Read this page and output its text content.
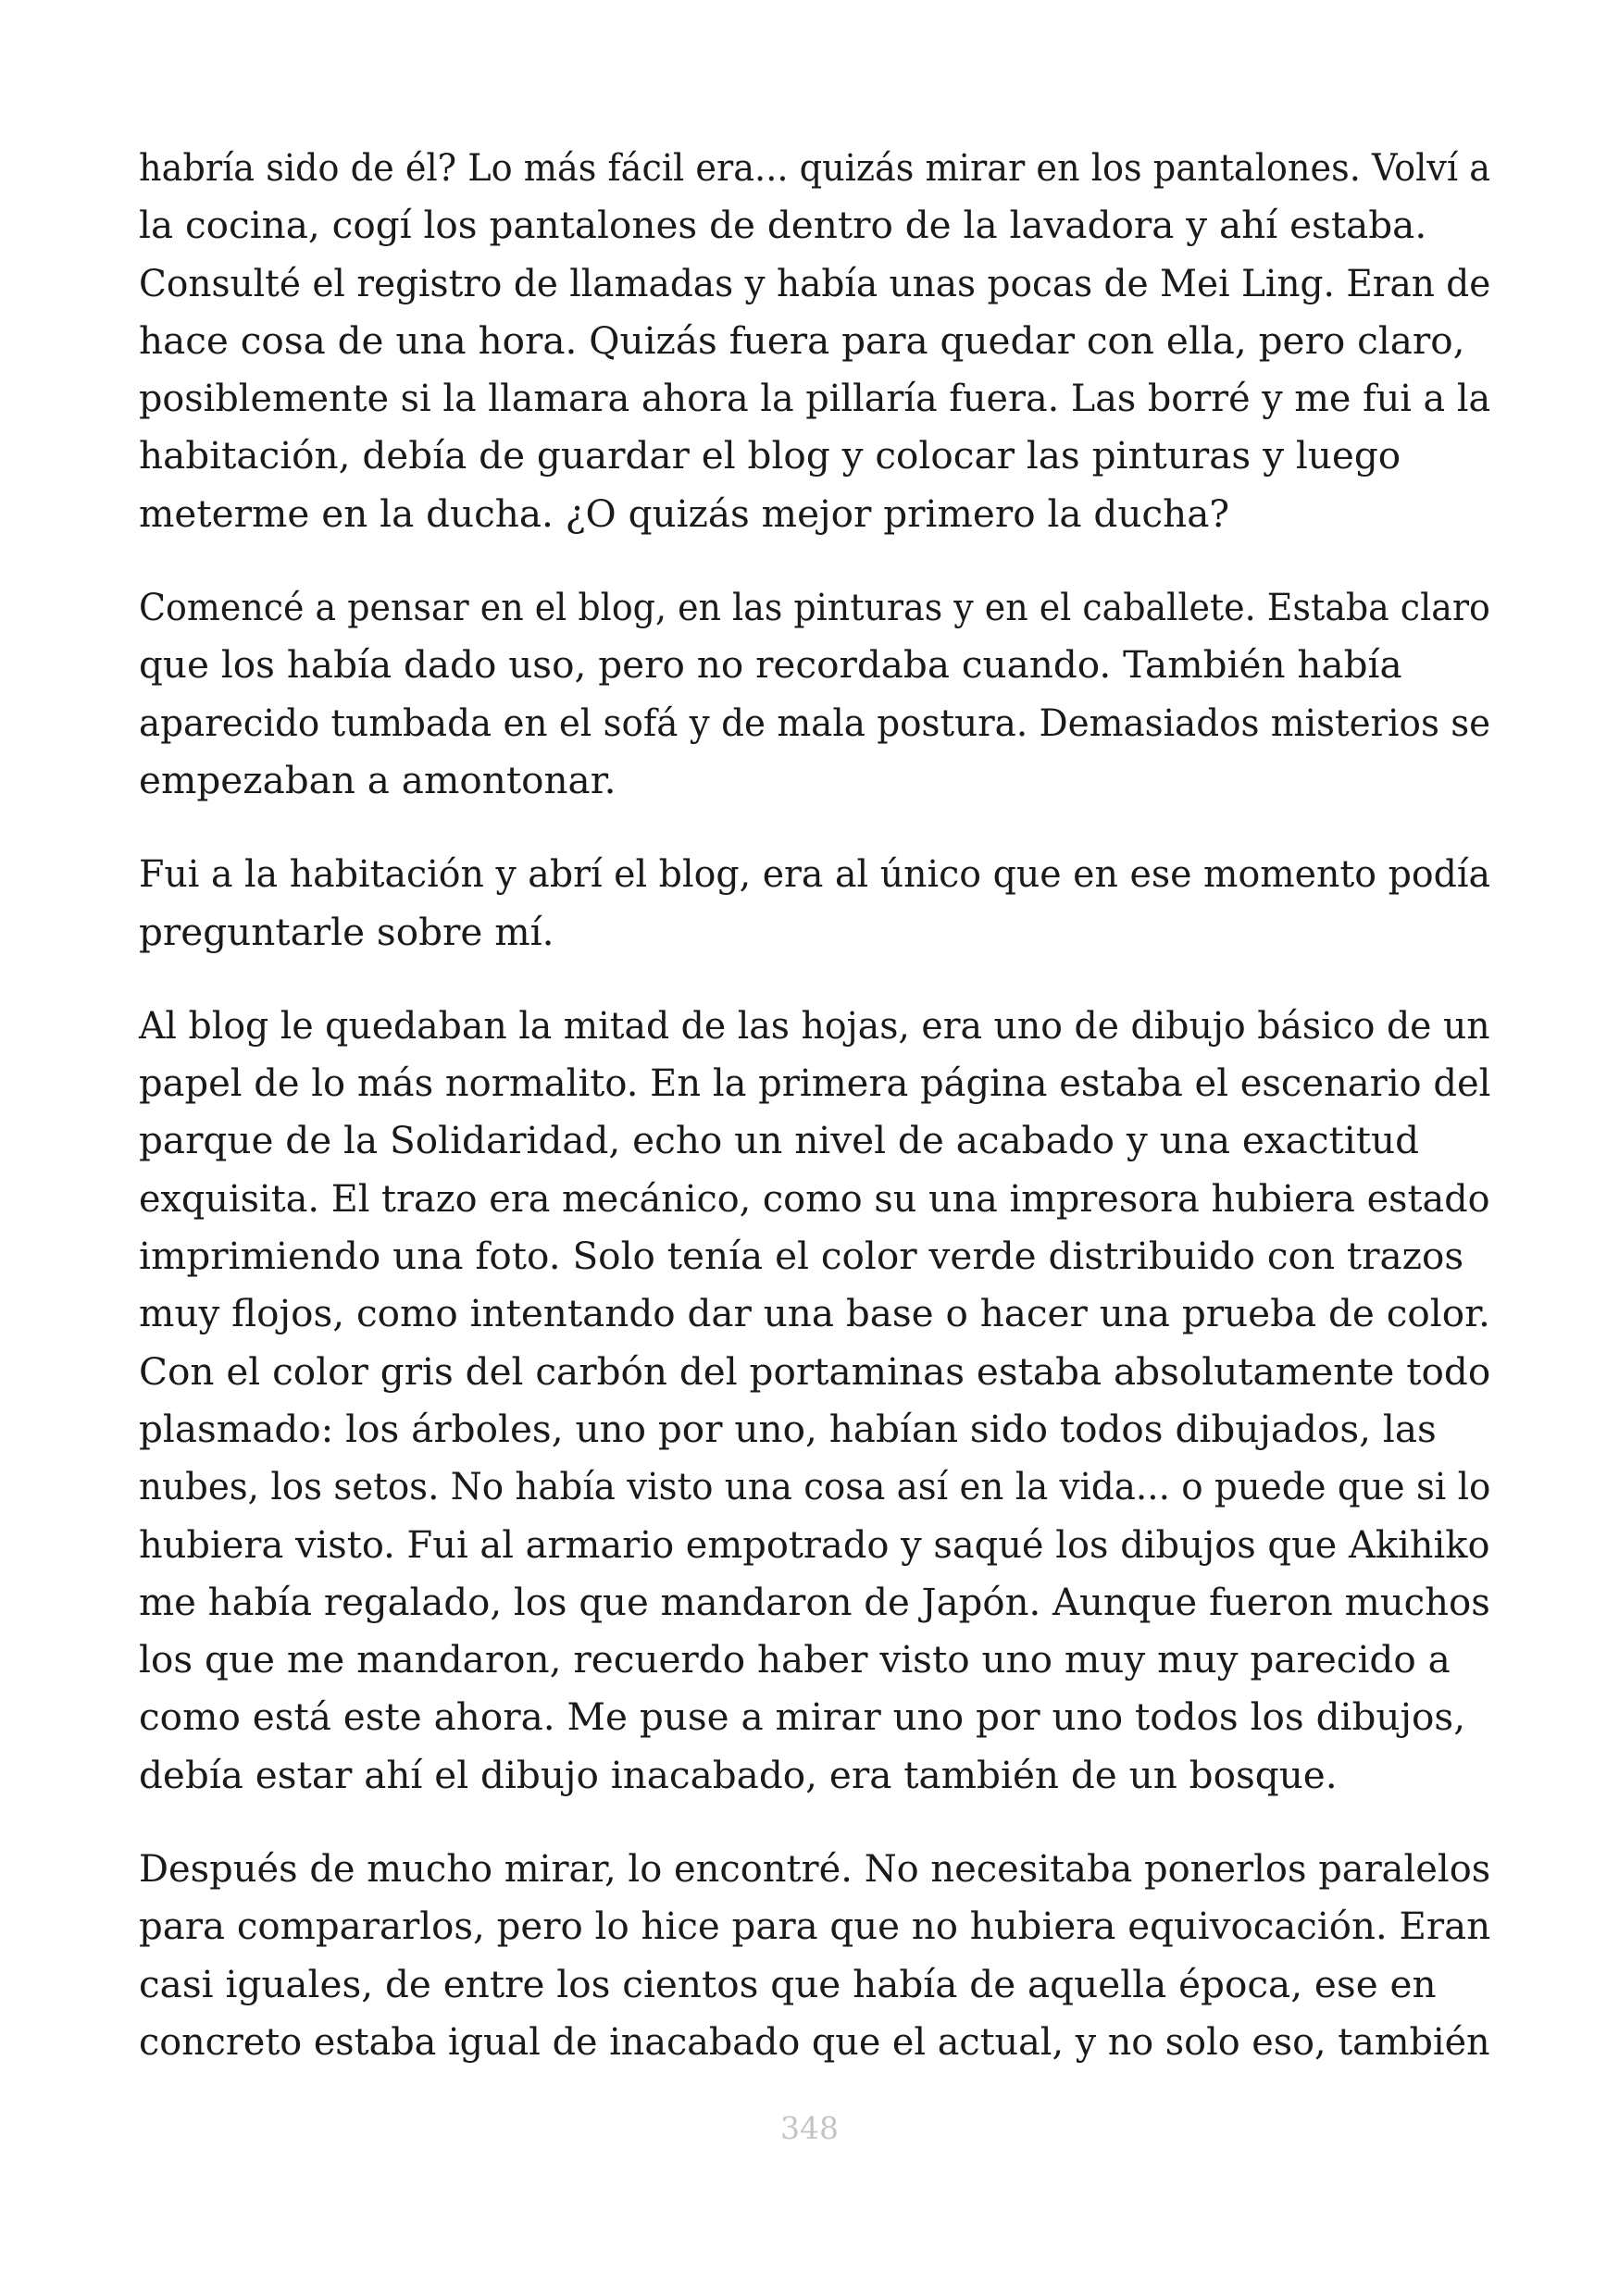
habría sido de él? Lo más fácil era... quizás mirar en los pantalones. Volví a
la cocina, cogí los pantalones de dentro de la lavadora y ahí estaba.
Consulté el registro de llamadas y había unas pocas de Mei Ling. Eran de
hace cosa de una hora. Quizás fuera para quedar con ella, pero claro,
posiblemente si la llamara ahora la pillaría fuera. Las borré y me fui a la
habitación, debía de guardar el blog y colocar las pinturas y luego
meterme en la ducha. ¿O quizás mejor primero la ducha?
Comencé a pensar en el blog, en las pinturas y en el caballete. Estaba claro
que los había dado uso, pero no recordaba cuando. También había
aparecido tumbada en el sofá y de mala postura. Demasiados misterios se
empezaban a amontonar.
Fui a la habitación y abrí el blog, era al único que en ese momento podía
preguntarle sobre mí.
Al blog le quedaban la mitad de las hojas, era uno de dibujo básico de un
papel de lo más normalito. En la primera página estaba el escenario del
parque de la Solidaridad, echo un nivel de acabado y una exactitud
exquisita. El trazo era mecánico, como su una impresora hubiera estado
imprimiendo una foto. Solo tenía el color verde distribuido con trazos
muy flojos, como intentando dar una base o hacer una prueba de color.
Con el color gris del carbón del portaminas estaba absolutamente todo
plasmado: los árboles, uno por uno, habían sido todos dibujados, las
nubes, los setos. No había visto una cosa así en la vida... o puede que si lo
hubiera visto. Fui al armario empotrado y saqué los dibujos que Akihiko
me había regalado, los que mandaron de Japón. Aunque fueron muchos
los que me mandaron, recuerdo haber visto uno muy muy parecido a
como está este ahora. Me puse a mirar uno por uno todos los dibujos,
debía estar ahí el dibujo inacabado, era también de un bosque.
Después de mucho mirar, lo encontré. No necesitaba ponerlos paralelos
para compararlos, pero lo hice para que no hubiera equivocación. Eran
casi iguales, de entre los cientos que había de aquella época, ese en
concreto estaba igual de inacabado que el actual, y no solo eso, también
348
